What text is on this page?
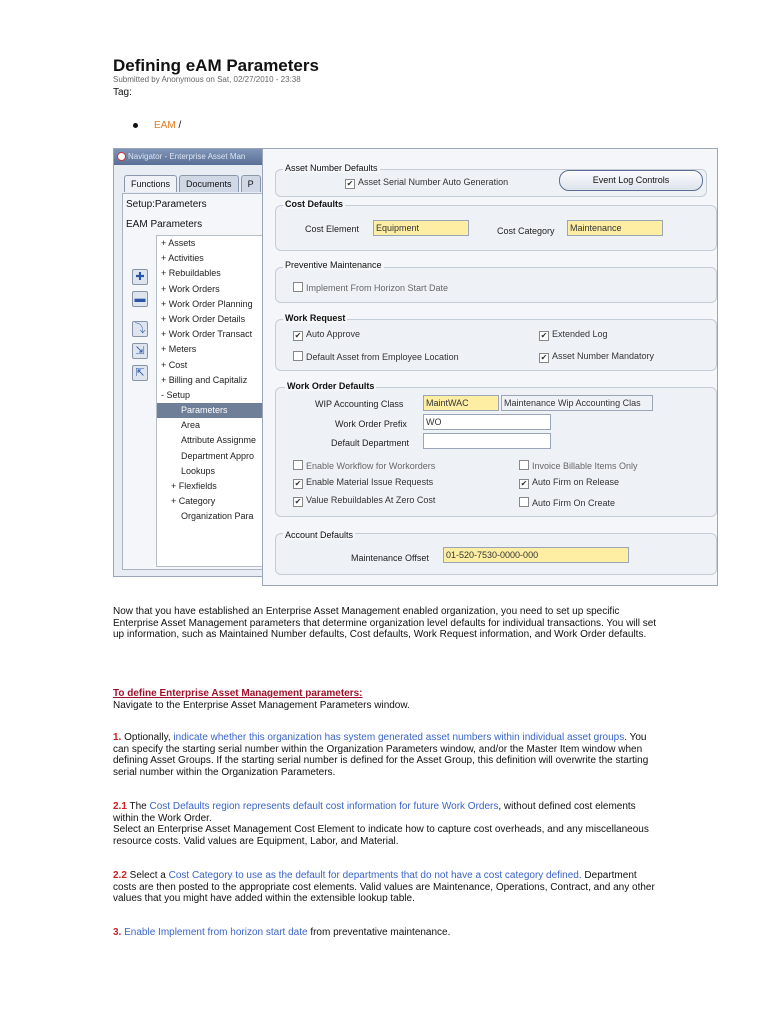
Defining eAM Parameters
Submitted by Anonymous on Sat, 02/27/2010 - 23:38
Tag:
EAM /
Navigator - Enterprise Asset Man
Functions	Documents	P
Setup:Parameters
EAM Parameters
✚
▬
⤵
⇲
⇱
+ Assets
+ Activities
+ Rebuildables
+ Work Orders
+ Work Order Planning
+ Work Order Details
+ Work Order Transact
+ Meters
+ Cost
+ Billing and Capitaliz
- Setup
Parameters
Area
Attribute Assignme
Department Appro
Lookups
+ Flexfields
+ Category
Organization Para
Asset Number Defaults
✔ Asset Serial Number Auto Generation	Event Log Controls
Cost Defaults
Cost Element	Equipment	Cost Category	Maintenance
Preventive Maintenance
Implement From Horizon Start Date
Work Request
✔ Auto Approve	✔ Extended Log
Default Asset from Employee Location	✔ Asset Number Mandatory
Work Order Defaults
WIP Accounting Class	MaintWAC	Maintenance Wip Accounting Clas
Work Order Prefix	WO
Default Department
Enable Workflow for Workorders	Invoice Billable Items Only
✔ Enable Material Issue Requests	✔ Auto Firm on Release
✔ Value Rebuildables At Zero Cost	Auto Firm On Create
Account Defaults
Maintenance Offset	01-520-7530-0000-000

Now that you have established an Enterprise Asset Management enabled organization, you need to set up specific Enterprise Asset Management parameters that determine organization level defaults for individual transactions. You will set
up information, such as Maintained Number defaults, Cost defaults, Work Request information, and Work Order defaults.

To define Enterprise Asset Management parameters:
Navigate to the Enterprise Asset Management Parameters window.

1. Optionally, indicate whether this organization has system generated asset numbers within individual asset groups. You can specify the starting serial number within the Organization Parameters window, and/or the Master Item window when defining Asset Groups. If the starting serial number is defined for the Asset Group, this definition will overwrite the starting serial number within the Organization Parameters.

2.1 The Cost Defaults region represents default cost information for future Work Orders, without defined cost elements within the Work Order.
Select an Enterprise Asset Management Cost Element to indicate how to capture cost overheads, and any miscellaneous resource costs. Valid values are Equipment, Labor, and Material.

2.2 Select a Cost Category to use as the default for departments that do not have a cost category defined. Department costs are then posted to the appropriate cost elements. Valid values are Maintenance, Operations, Contract, and any other values that you might have added within the extensible lookup table.

3. Enable Implement from horizon start date from preventative maintenance.
